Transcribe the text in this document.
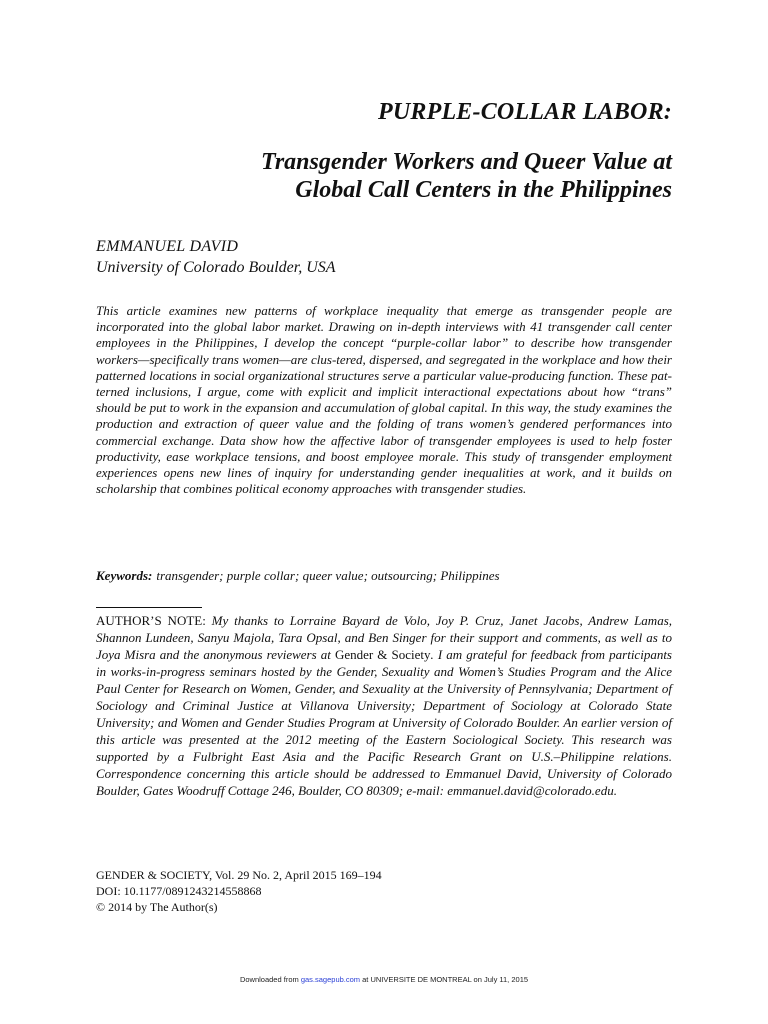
PURPLE-COLLAR LABOR:
Transgender Workers and Queer Value at
Global Call Centers in the Philippines
EMMANUEL DAVID
University of Colorado Boulder, USA

This article examines new patterns of workplace inequality that emerge as transgender people are incorporated into the global labor market. Drawing on in-depth interviews with 41 transgender call center employees in the Philippines, I develop the concept “purple-collar labor” to describe how transgender workers—specifically trans women—are clus-tered, dispersed, and segregated in the workplace and how their patterned locations in social organizational structures serve a particular value-producing function. These pat-terned inclusions, I argue, come with explicit and implicit interactional expectations about how “trans” should be put to work in the expansion and accumulation of global capital. In this way, the study examines the production and extraction of queer value and the folding of trans women’s gendered performances into commercial exchange. Data show how the affective labor of transgender employees is used to help foster productivity, ease workplace tensions, and boost employee morale. This study of transgender employment experiences opens new lines of inquiry for understanding gender inequalities at work, and it builds on scholarship that combines political economy approaches with transgender studies.

Keywords: transgender; purple collar; queer value; outsourcing; Philippines

AUTHOR’S NOTE: My thanks to Lorraine Bayard de Volo, Joy P. Cruz, Janet Jacobs, Andrew Lamas, Shannon Lundeen, Sanyu Majola, Tara Opsal, and Ben Singer for their support and comments, as well as to Joya Misra and the anonymous reviewers at Gender & Society. I am grateful for feedback from participants in works-in-progress seminars hosted by the Gender, Sexuality and Women’s Studies Program and the Alice Paul Center for Research on Women, Gender, and Sexuality at the University of Pennsylvania; Department of Sociology and Criminal Justice at Villanova University; Department of Sociology at Colorado State University; and Women and Gender Studies Program at University of Colorado Boulder. An earlier version of this article was presented at the 2012 meeting of the Eastern Sociological Society. This research was supported by a Fulbright East Asia and the Pacific Research Grant on U.S.–Philippine relations. Correspondence concerning this article should be addressed to Emmanuel David, University of Colorado Boulder, Gates Woodruff Cottage 246, Boulder, CO 80309; e-mail: emmanuel.david@colorado.edu.

GENDER & SOCIETY, Vol. 29 No. 2, April 2015 169–194
DOI: 10.1177/0891243214558868
© 2014 by The Author(s)
Downloaded from gas.sagepub.com at UNIVERSITE DE MONTREAL on July 11, 2015
